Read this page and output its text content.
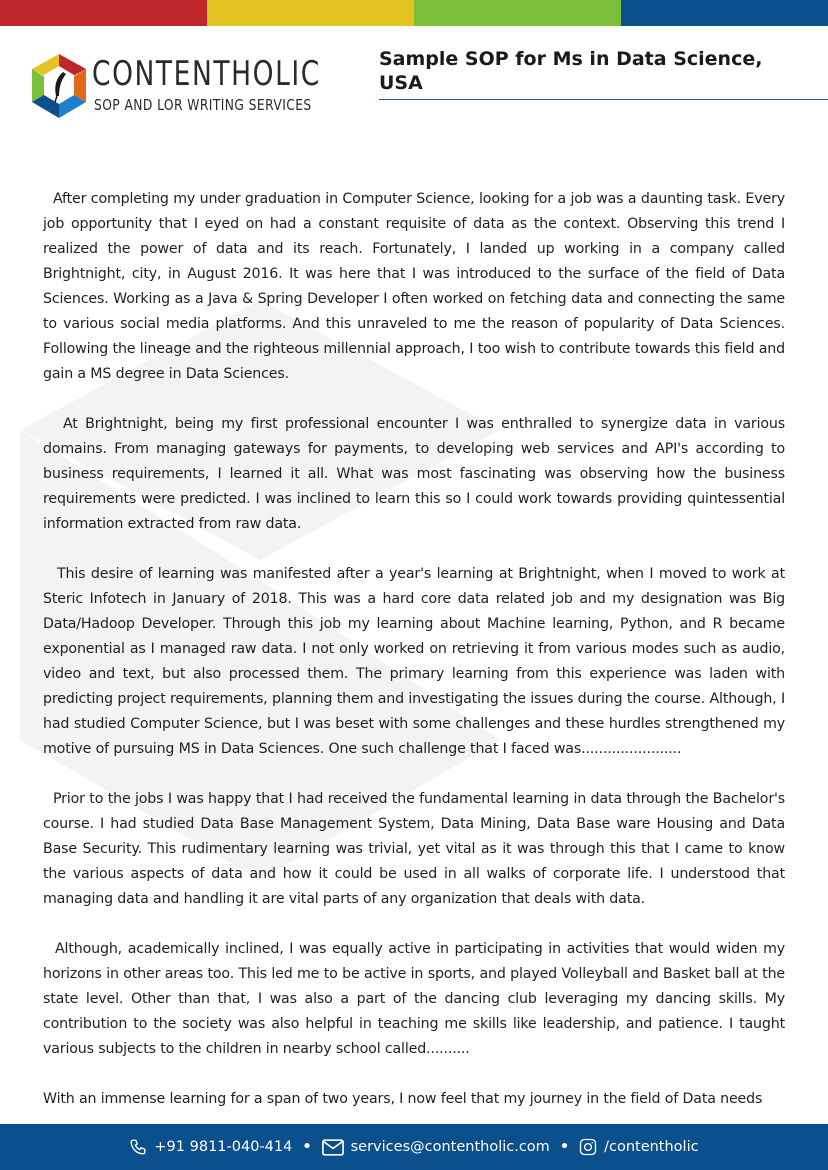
CONTENTHOLIC
SOP AND LOR WRITING SERVICES
Sample SOP for Ms in Data Science, USA

After completing my under graduation in Computer Science, looking for a job was a daunting task. Every job opportunity that I eyed on had a constant requisite of data as the context. Observing this trend I realized the power of data and its reach. Fortunately, I landed up working in a company called Brightnight, city, in August 2016. It was here that I was introduced to the surface of the field of Data Sciences. Working as a Java & Spring Developer I often worked on fetching data and connecting the same to various social media platforms. And this unraveled to me the reason of popularity of Data Sciences. Following the lineage and the righteous millennial approach, I too wish to contribute towards this field and gain a MS degree in Data Sciences.

At Brightnight, being my first professional encounter I was enthralled to synergize data in various domains. From managing gateways for payments, to developing web services and API's according to business requirements, I learned it all. What was most fascinating was observing how the business requirements were predicted. I was inclined to learn this so I could work towards providing quintessential information extracted from raw data.

This desire of learning was manifested after a year's learning at Brightnight, when I moved to work at Steric Infotech in January of 2018. This was a hard core data related job and my designation was Big Data/Hadoop Developer. Through this job my learning about Machine learning, Python, and R became exponential as I managed raw data. I not only worked on retrieving it from various modes such as audio, video and text, but also processed them. The primary learning from this experience was laden with predicting project requirements, planning them and investigating the issues during the course. Although, I had studied Computer Science, but I was beset with some challenges and these hurdles strengthened my motive of pursuing MS in Data Sciences. One such challenge that I faced was.......................

Prior to the jobs I was happy that I had received the fundamental learning in data through the Bachelor's course. I had studied Data Base Management System, Data Mining, Data Base ware Housing and Data Base Security. This rudimentary learning was trivial, yet vital as it was through this that I came to know the various aspects of data and how it could be used in all walks of corporate life. I understood that managing data and handling it are vital parts of any organization that deals with data.

Although, academically inclined, I was equally active in participating in activities that would widen my horizons in other areas too. This led me to be active in sports, and played Volleyball and Basket ball at the state level. Other than that, I was also a part of the dancing club leveraging my dancing skills. My contribution to the society was also helpful in teaching me skills like leadership, and patience. I taught various subjects to the children in nearby school called..........

With an immense learning for a span of two years, I now feel that my journey in the field of Data needs

+91 9811-040-414 •	services@contentholic.com • /contentholic
